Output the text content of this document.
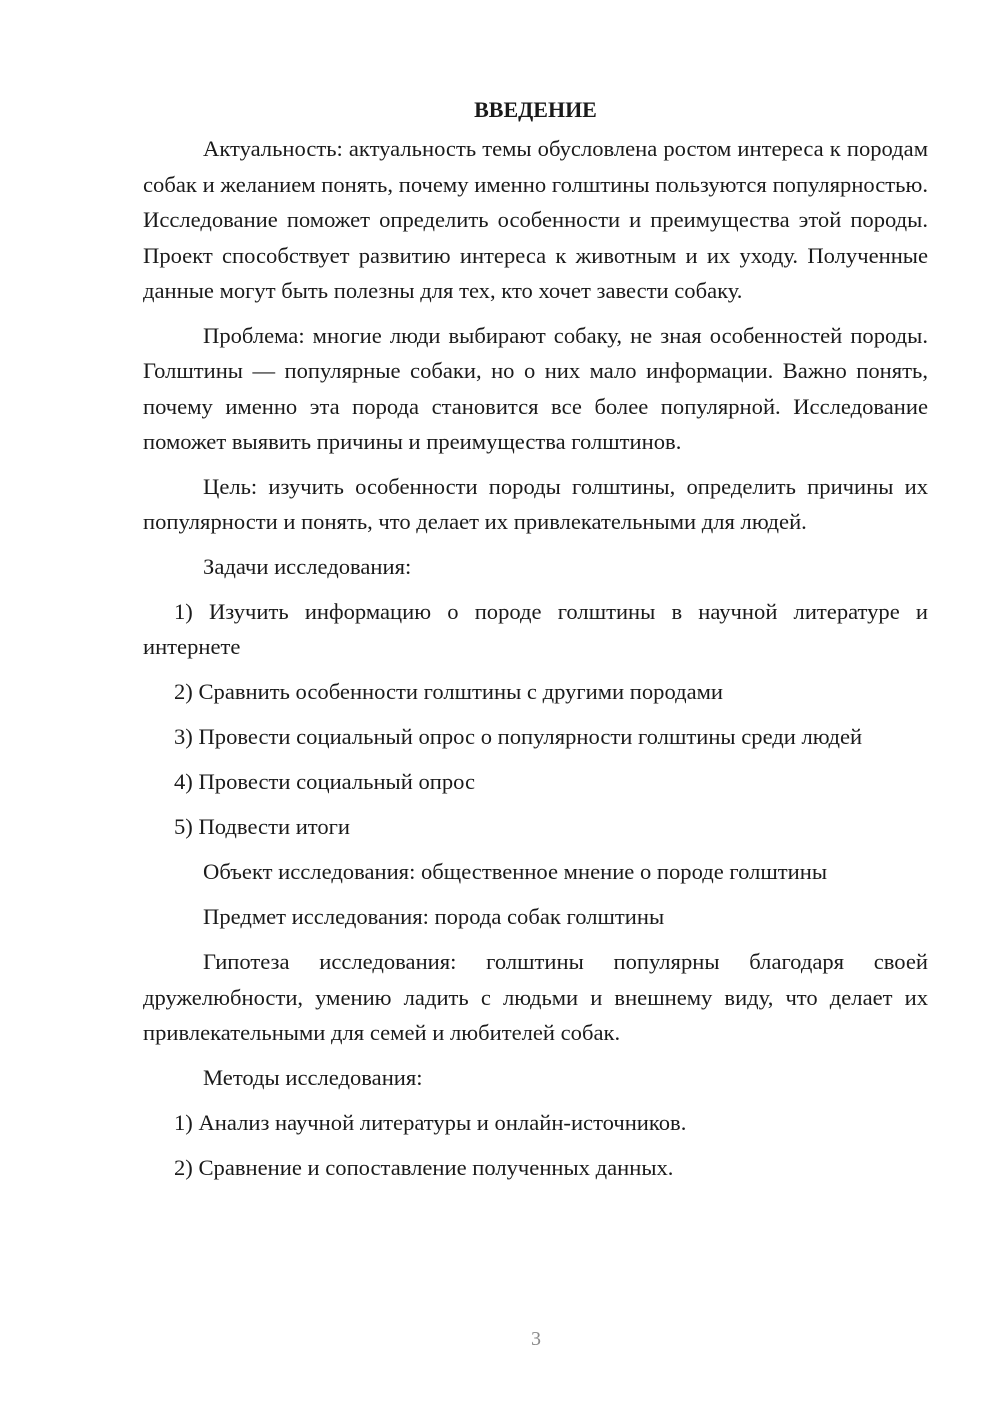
ВВЕДЕНИЕ

Актуальность: актуальность темы обусловлена ростом интереса к породам собак и желанием понять, почему именно голштины пользуются популярностью. Исследование поможет определить особенности и преимущества этой породы. Проект способствует развитию интереса к животным и их уходу. Полученные данные могут быть полезны для тех, кто хочет завести собаку.

Проблема: многие люди выбирают собаку, не зная особенностей породы. Голштины — популярные собаки, но о них мало информации. Важно понять, почему именно эта порода становится все более популярной. Исследование поможет выявить причины и преимущества голштинов.

Цель: изучить особенности породы голштины, определить причины их популярности и понять, что делает их привлекательными для людей.

Задачи исследования:

1) Изучить информацию о породе голштины в научной литературе и интернете

2) Сравнить особенности голштины с другими породами

3) Провести социальный опрос о популярности голштины среди людей

4) Провести социальный опрос

5) Подвести итоги

Объект исследования: общественное мнение о породе голштины

Предмет исследования: порода собак голштины

Гипотеза исследования: голштины популярны благодаря своей дружелюбности, умению ладить с людьми и внешнему виду, что делает их привлекательными для семей и любителей собак.

Методы исследования:

1) Анализ научной литературы и онлайн-источников.

2) Сравнение и сопоставление полученных данных.

3
